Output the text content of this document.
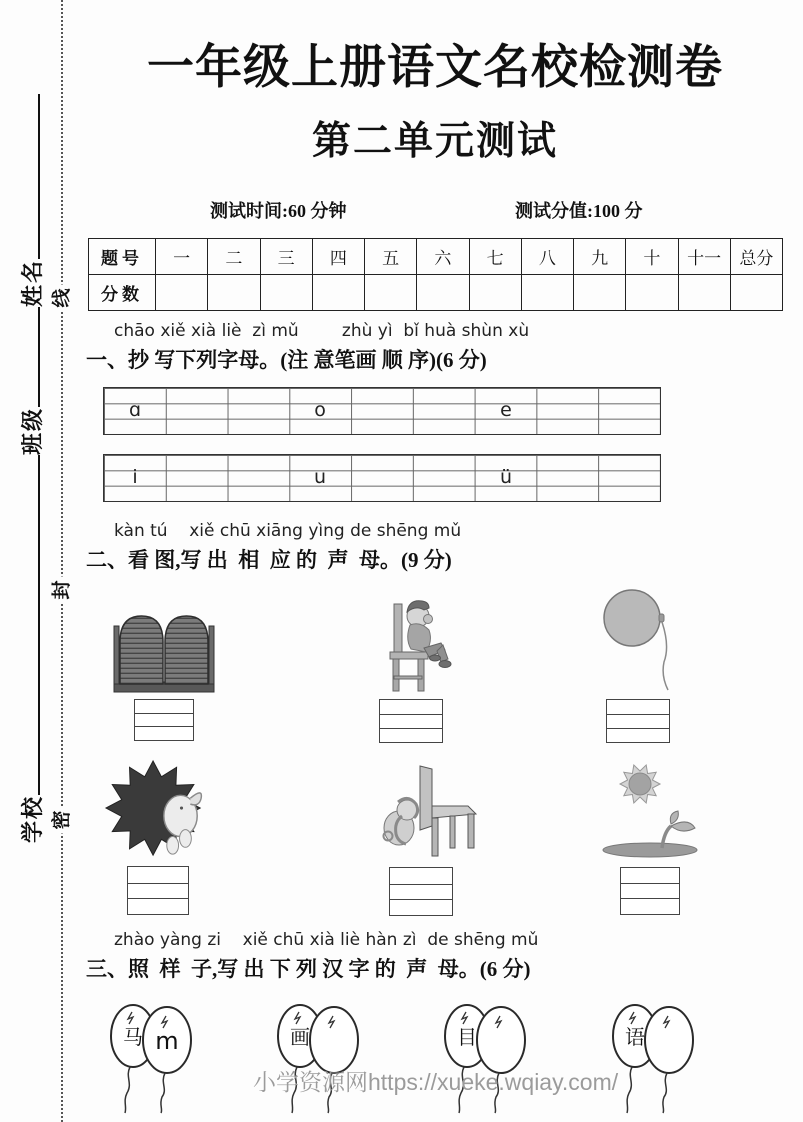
学校班级姓名 线
封
密
一年级上册语文名校检测卷
第二单元测试
测试时间:60 分钟	测试分值:100 分
题号	一	二	三	四	五	六	七	八	九	十	十一	总分
分数												
chāo xiě xià liè  zì mǔ        zhù yì  bǐ huà shùn xù
一、抄 写下列字母。(注 意笔画 顺 序)(6 分)
ɑ	o	e
i	u	ü
kàn tú    xiě chū xiāng yìng de shēng mǔ
二、看 图,写 出  相  应 的  声  母。(9 分)
zhào yàng zi    xiě chū xià liè hàn zì  de shēng mǔ
三、照  样  子,写 出 下 列 汉 字 的  声  母。(6 分)
马 m	画	目	语
小学资源网https://xueke.wqiay.com/
